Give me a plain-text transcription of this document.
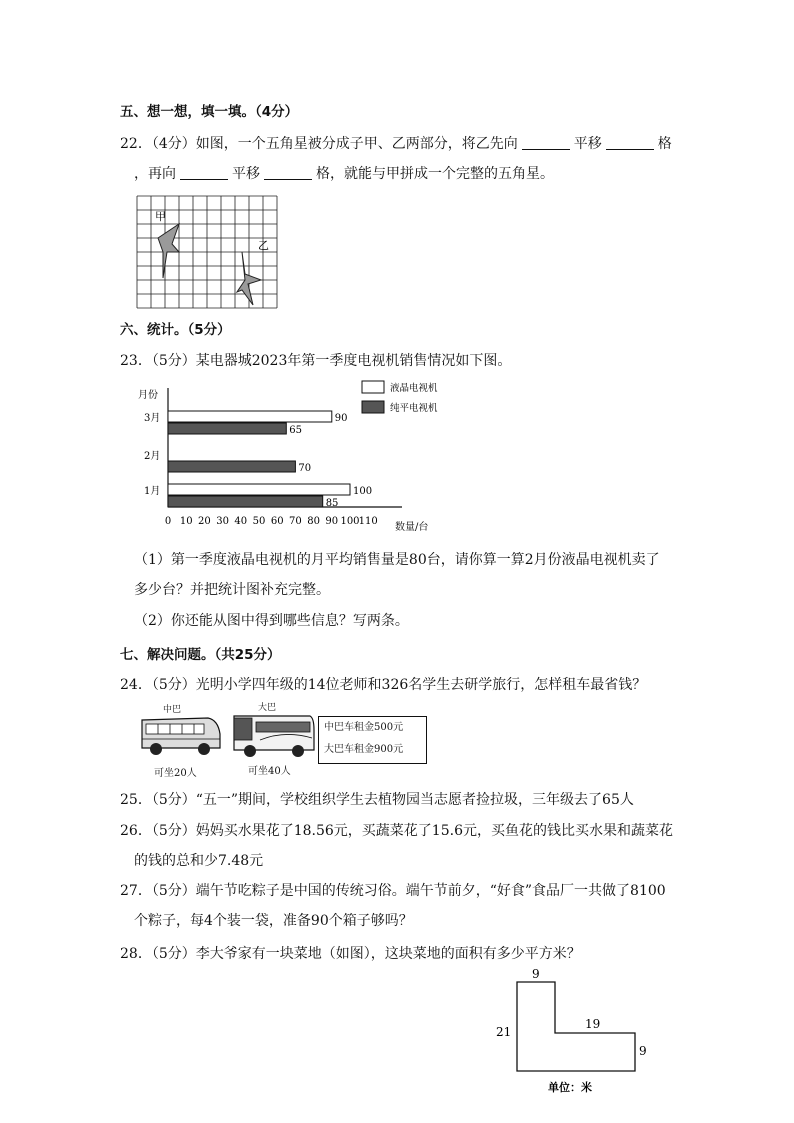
五、想一想，填一填。（4分）
22．（4分）如图，一个五角星被分成子甲、乙两部分，将乙先向	平移	格
，再向	平移	格，就能与甲拼成一个完整的五角星。
甲
乙
六、统计。（5分）
23．（5分）某电器城2023年第一季度电视机销售情况如下图。
月份
数量/台
0 10 20 30 40 50 60 70 80 90 100 110
1月
2月
3月
100
90
85
70
65
液晶电视机
纯平电视机
（1）第一季度液晶电视机的月平均销售量是80台，请你算一算2月份液晶电视机卖了
多少台？并把统计图补充完整。
（2）你还能从图中得到哪些信息？写两条。
七、解决问题。（共25分）
24．（5分）光明小学四年级的14位老师和326名学生去研学旅行，怎样租车最省钱？
中巴
可坐20人
大巴
可坐40人
中巴车租金500元
大巴车租金900元
25．（5分）“五一”期间，学校组织学生去植物园当志愿者捡拉圾，三年级去了65人
26．（5分）妈妈买水果花了18.56元，买蔬菜花了15.6元，买鱼花的钱比买水果和蔬菜花
的钱的总和少7.48元
27．（5分）端午节吃粽子是中国的传统习俗。端午节前夕，“好食”食品厂一共做了8100
个粽子，每4个装一袋，准备90个箱子够吗？
28．（5分）李大爷家有一块菜地（如图），这块菜地的面积有多少平方米？
9
21
19
9
单位：米
